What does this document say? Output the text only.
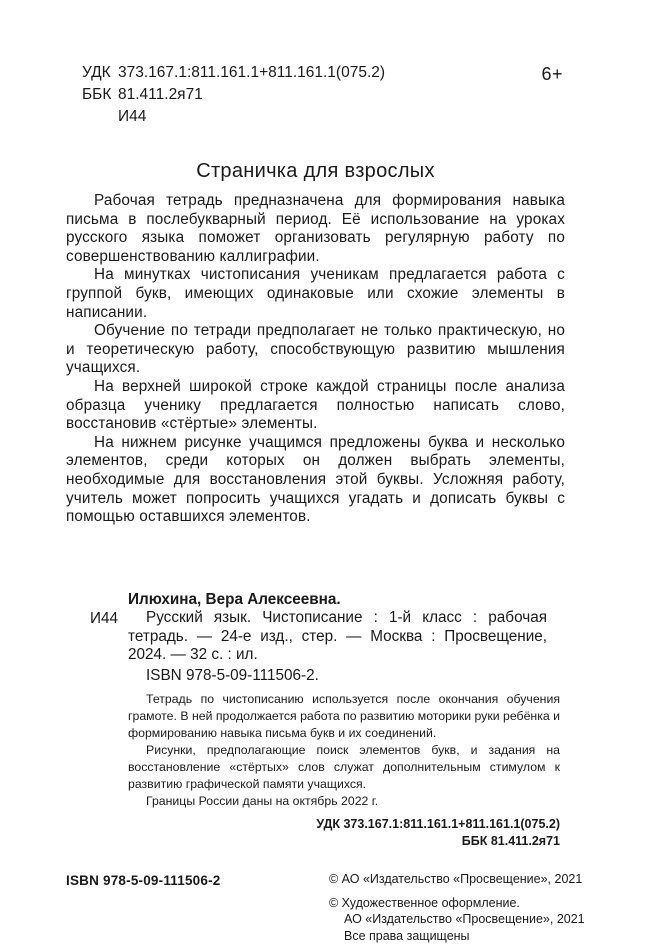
УДК 373.167.1:811.161.1+811.161.1(075.2)
ББК 81.411.2я71
И44
6+
Страничка для взрослых

Рабочая тетрадь предназначена для формирования навыка письма в послебукварный период. Её использование на уроках русского языка поможет организовать регулярную работу по совершенствованию каллиграфии.

На минутках чистописания ученикам предлагается работа с группой букв, имеющих одинаковые или схожие элементы в написании.

Обучение по тетради предполагает не только практическую, но и теоретическую работу, способствующую развитию мышления учащихся.

На верхней широкой строке каждой страницы после анализа образца ученику предлагается полностью написать слово, восстановив «стёртые» элементы.

На нижнем рисунке учащимся предложены буква и несколько элементов, среди которых он должен выбрать элементы, необходимые для восстановления этой буквы. Усложняя работу, учитель может попросить учащихся угадать и дописать буквы с помощью оставшихся элементов.

И44

Илюхина, Вера Алексеевна.

Русский язык. Чистописание : 1-й класс : рабочая тетрадь. — 24-е изд., стер. — Москва : Просвещение, 2024. — 32 с. : ил.

ISBN 978-5-09-111506-2.

Тетрадь по чистописанию используется после окончания обучения грамоте. В ней продолжается работа по развитию моторики руки ребёнка и формированию навыка письма букв и их соединений.

Рисунки, предполагающие поиск элементов букв, и задания на восстановление «стёртых» слов служат дополнительным стимулом к развитию графической памяти учащихся.

Границы России даны на октябрь 2022 г.

УДК 373.167.1:811.161.1+811.161.1(075.2)
ББК 81.411.2я71
ISBN 978-5-09-111506-2	© АО «Издательство «Просвещение», 2021

© Художественное оформление.

АО «Издательство «Просвещение», 2021

Все права защищены
